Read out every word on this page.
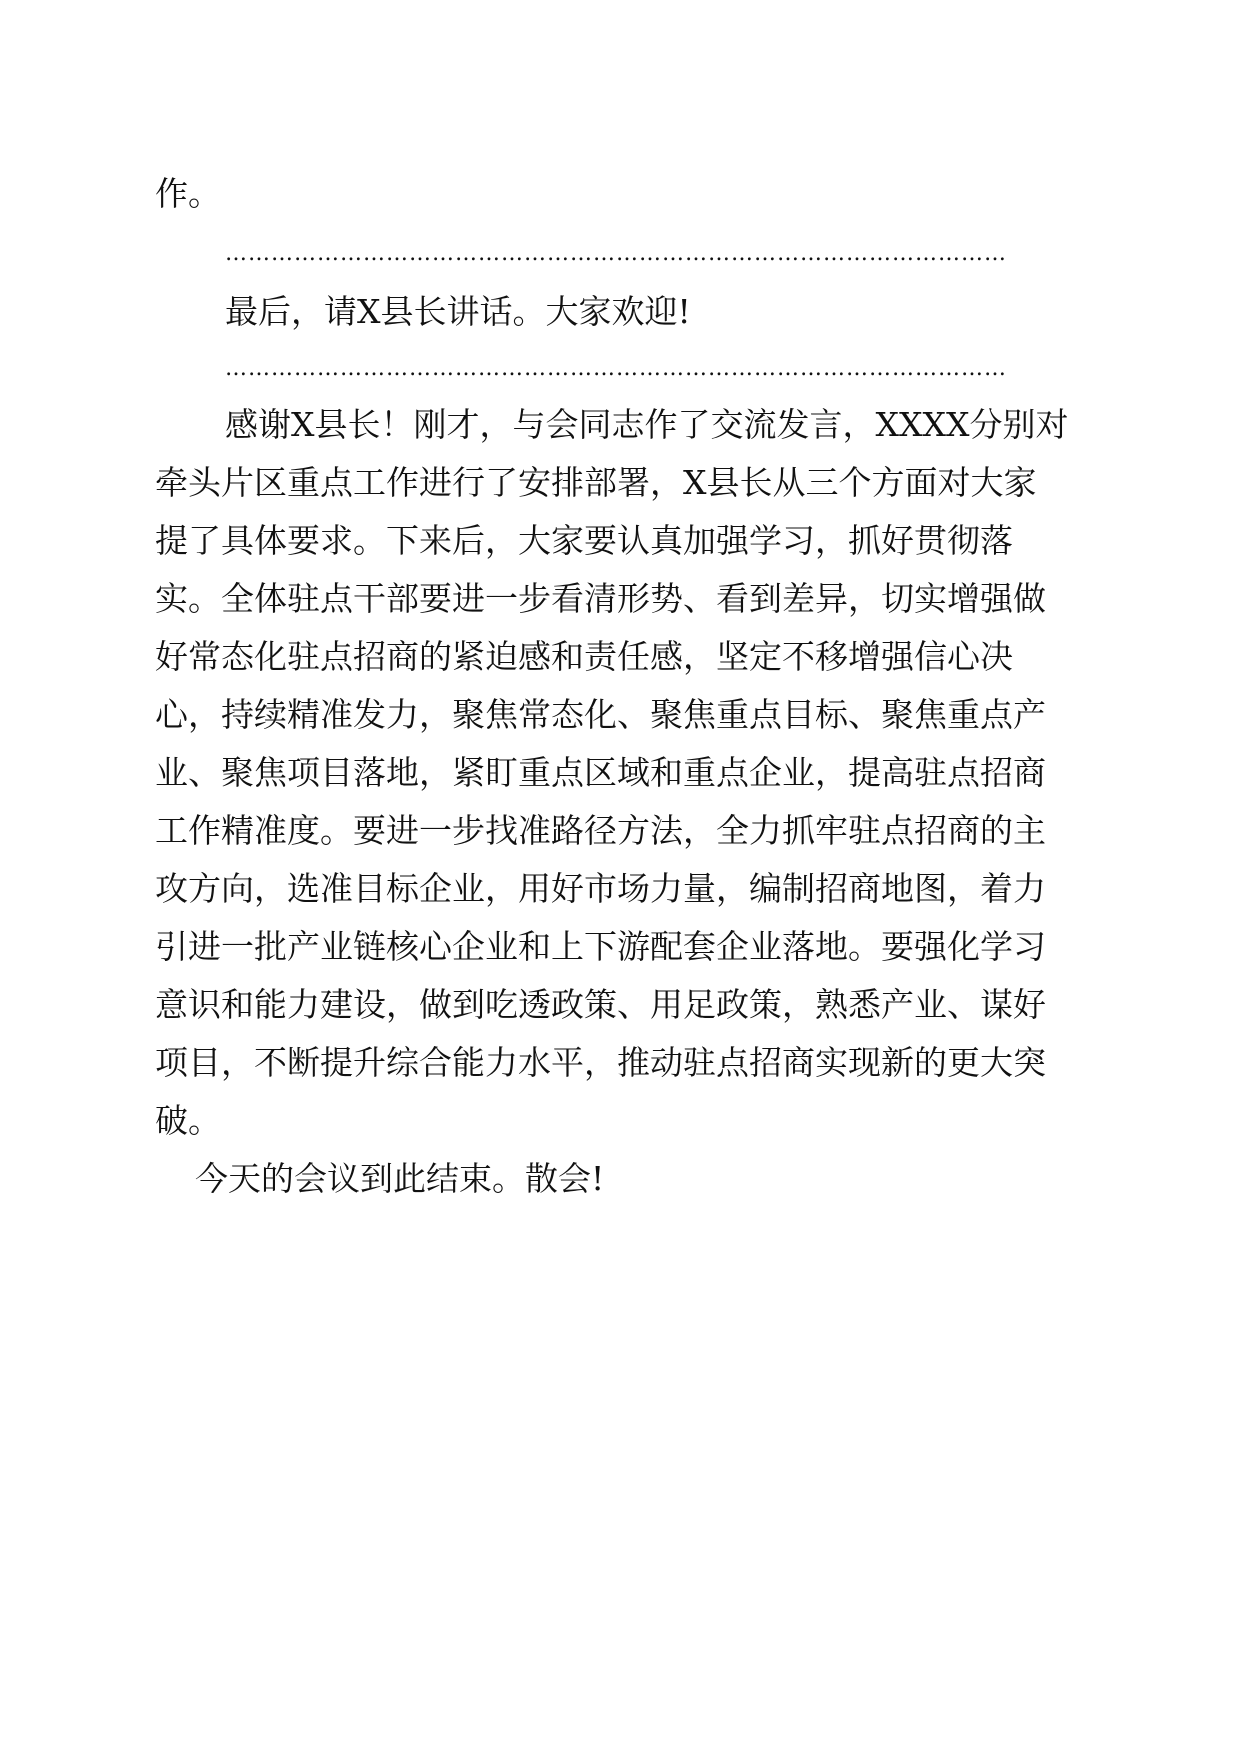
作。
…………………………………………………………………………………………
最后，请X县长讲话。大家欢迎!
…………………………………………………………………………………………
感谢X县长！刚才，与会同志作了交流发言，XXXX分别对
牵头片区重点工作进行了安排部署，X县长从三个方面对大家
提了具体要求。下来后，大家要认真加强学习，抓好贯彻落
实。全体驻点干部要进一步看清形势、看到差异，切实增强做
好常态化驻点招商的紧迫感和责任感，坚定不移增强信心决
心，持续精准发力，聚焦常态化、聚焦重点目标、聚焦重点产
业、聚焦项目落地，紧盯重点区域和重点企业，提高驻点招商
工作精准度。要进一步找准路径方法，全力抓牢驻点招商的主
攻方向，选准目标企业，用好市场力量，编制招商地图，着力
引进一批产业链核心企业和上下游配套企业落地。要强化学习
意识和能力建设，做到吃透政策、用足政策，熟悉产业、谋好
项目，不断提升综合能力水平，推动驻点招商实现新的更大突
破。
今天的会议到此结束。散会!
